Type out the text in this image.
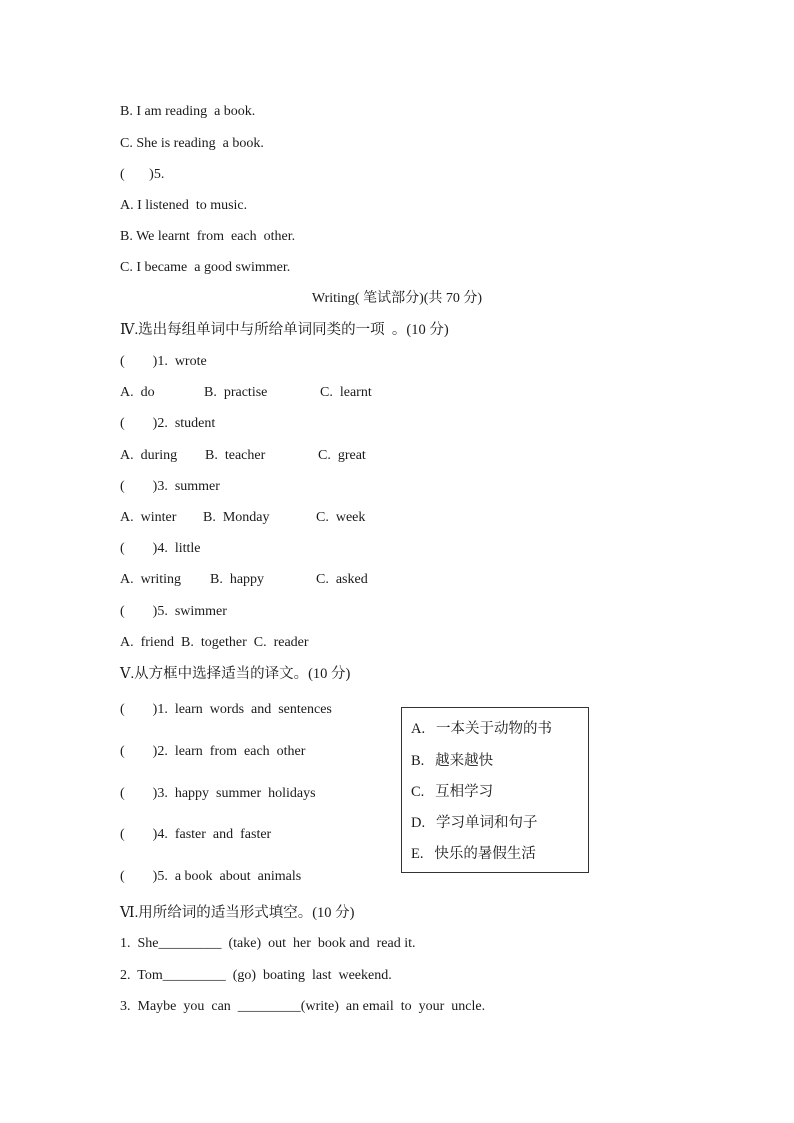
B. I am reading  a book.
C. She is reading  a book.
(       )5.
A. I listened  to music.
B. We learnt  from  each  other.
C. I became  a good swimmer.
Writing( 笔试部分)(共 70 分)
Ⅳ.选出每组单词中与所给单词同类的一项  。(10 分)
(        )1.  wrote
A.  do	B.  practise	C.  learnt
(        )2.  student
A.  during B.  teacher	C.  great
(        )3.  summer
A.  winter B.  Monday	C.  week
(        )4.  little
A.  writing B.  happy	C.  asked
(        )5.  swimmer
A.  friend  B.  together  C.  reader
Ⅴ.从方框中选择适当的译文。(10 分)
(        )1.  learn  words  and  sentences
(        )2.  learn  from  each  other
(        )3.  happy  summer  holidays
(        )4.  faster  and  faster
(        )5.  a book  about  animals
A.   一本关于动物的书
B.   越来越快
C.   互相学习
D.   学习单词和句子
E.   快乐的暑假生活
Ⅵ.用所给词的适当形式填空。(10 分)
1.  She_________  (take)  out  her  book and  read it.
2.  Tom_________  (go)  boating  last  weekend.
3.  Maybe  you  can  _________(write)  an email  to  your  uncle.
